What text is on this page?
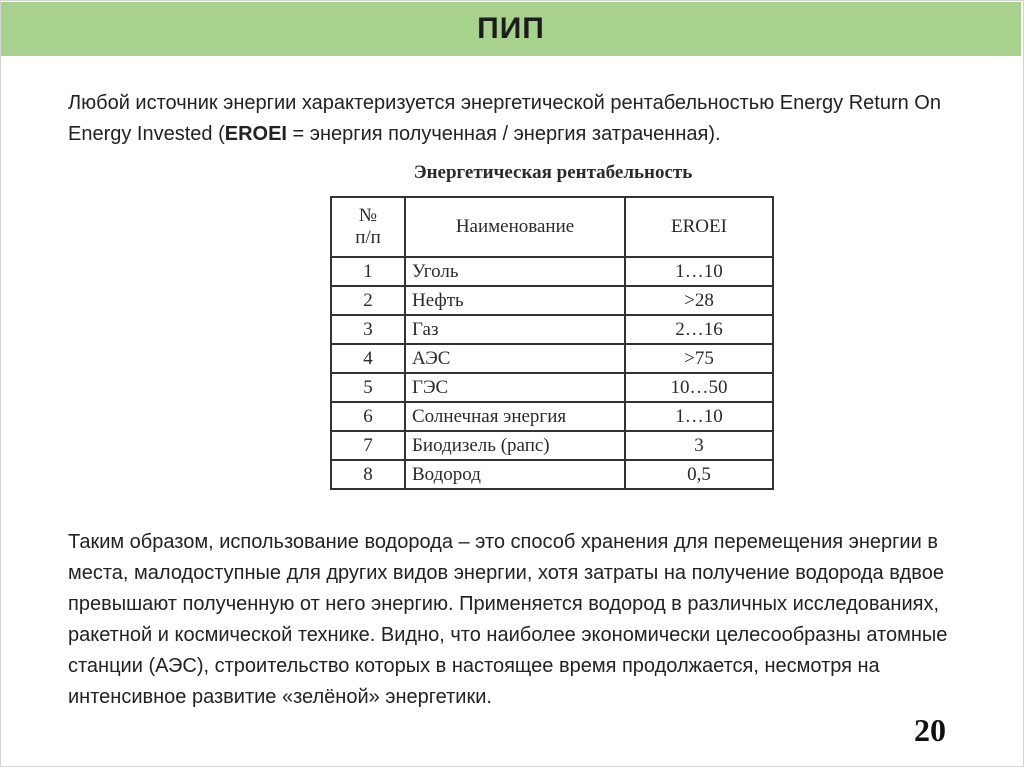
ПИП

Любой источник энергии характеризуется энергетической рентабельностью Energy Return On Energy Invested (EROEI = энергия полученная / энергия затраченная).

Энергетическая рентабельность
№
п/п	Наименование	EROEI
1	Уголь	1…10
2	Нефть	>28
3	Газ	2…16
4	АЭС	>75
5	ГЭС	10…50
6	Солнечная энергия	1…10
7	Биодизель (рапс)	3
8	Водород	0,5

Таким образом, использование водорода – это способ хранения для перемещения энергии в места, малодоступные для других видов энергии, хотя затраты на получение водорода вдвое превышают полученную от него энергию. Применяется водород в различных исследованиях, ракетной и космической технике. Видно, что наиболее экономически целесообразны атомные станции (АЭС), строительство которых в настоящее время продолжается, несмотря на интенсивное развитие «зелёной» энергетики.

20
